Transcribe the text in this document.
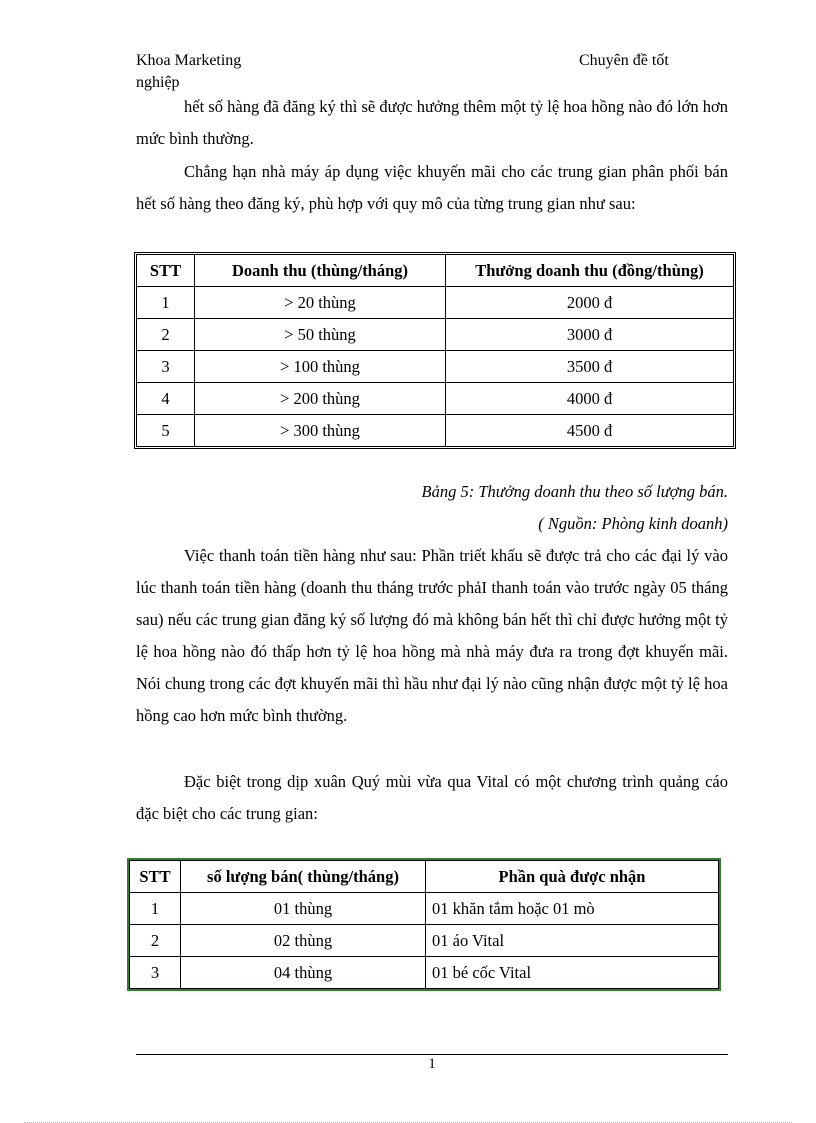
Khoa Marketing	Chuyên đề tốt
nghiệp
hết số hàng đã đăng ký thì sẽ được hưởng thêm một tỷ lệ hoa hồng nào đó lớn hơn mức bình thường.
Chẳng hạn nhà máy áp dụng việc khuyến mãi cho các trung gian phân phối bán hết số hàng theo đăng ký, phù hợp với quy mô của từng trung gian như sau:
STT	Doanh thu (thùng/tháng)	Thưởng doanh thu (đồng/thùng)
1	> 20 thùng	2000 đ
2	> 50 thùng	3000 đ
3	> 100 thùng	3500 đ
4	> 200 thùng	4000 đ
5	> 300 thùng	4500 đ
Bảng 5: Thưởng doanh thu theo số lượng bán.
( Nguồn: Phòng kinh doanh)
Việc thanh toán tiền hàng như sau: Phần triết khấu sẽ được trả cho các đại lý vào lúc thanh toán tiền hàng (doanh thu tháng trước phảI thanh toán vào trước ngày 05 tháng sau) nếu các trung gian đăng ký số lượng đó mà không bán hết thì chỉ được hưởng một tỷ lệ hoa hồng nào đó thấp hơn tỷ lệ hoa hồng mà nhà máy đưa ra trong đợt khuyến mãi. Nói chung trong các đợt khuyến mãi thì hầu như đại lý nào cũng nhận được một tỷ lệ hoa hồng cao hơn mức bình thường.
Đặc biệt trong dịp xuân Quý mùi vừa qua Vital có một chương trình quảng cáo đặc biệt cho các trung gian:
STT	số lượng bán( thùng/tháng)	Phần quà được nhận
1	01 thùng	01 khăn tắm hoặc 01 mò
2	02 thùng	01 áo Vital
3	04 thùng	01 bé cốc Vital
1
